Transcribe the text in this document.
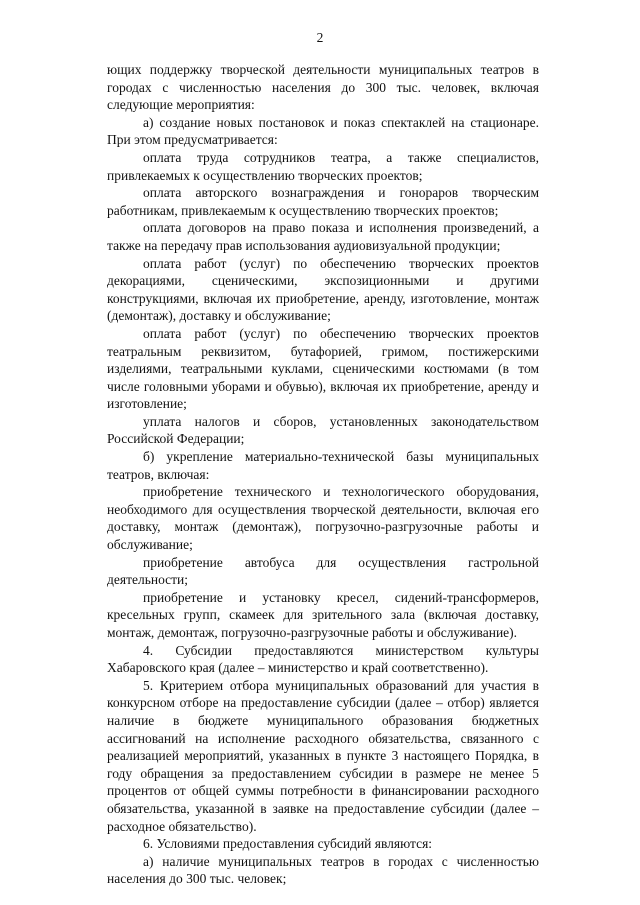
2

ющих поддержку творческой деятельности муниципальных театров в городах с численностью населения до 300 тыс. человек, включая следующие мероприятия:

а) создание новых постановок и показ спектаклей на стационаре. При этом предусматривается:

оплата труда сотрудников театра, а также специалистов, привлекаемых к осуществлению творческих проектов;

оплата авторского вознаграждения и гонораров творческим работникам, привлекаемым к осуществлению творческих проектов;

оплата договоров на право показа и исполнения произведений, а также на передачу прав использования аудиовизуальной продукции;

оплата работ (услуг) по обеспечению творческих проектов декорациями, сценическими, экспозиционными и другими конструкциями, включая их приобретение, аренду, изготовление, монтаж (демонтаж), доставку и обслуживание;

оплата работ (услуг) по обеспечению творческих проектов театральным реквизитом, бутафорией, гримом, постижерскими изделиями, театральными куклами, сценическими костюмами (в том числе головными уборами и обувью), включая их приобретение, аренду и изготовление;

уплата налогов и сборов, установленных законодательством Российской Федерации;

б) укрепление материально-технической базы муниципальных театров, включая:

приобретение технического и технологического оборудования, необходимого для осуществления творческой деятельности, включая его доставку, монтаж (демонтаж), погрузочно-разгрузочные работы и обслуживание;

приобретение автобуса для осуществления гастрольной деятельности;

приобретение и установку кресел, сидений-трансформеров, кресельных групп, скамеек для зрительного зала (включая доставку, монтаж, демонтаж, погрузочно-разгрузочные работы и обслуживание).

4. Субсидии предоставляются министерством культуры Хабаровского края (далее – министерство и край соответственно).

5. Критерием отбора муниципальных образований для участия в конкурсном отборе на предоставление субсидии (далее – отбор) является наличие в бюджете муниципального образования бюджетных ассигнований на исполнение расходного обязательства, связанного с реализацией мероприятий, указанных в пункте 3 настоящего Порядка, в году обращения за предоставлением субсидии в размере не менее 5 процентов от общей суммы потребности в финансировании расходного обязательства, указанной в заявке на предоставление субсидии (далее – расходное обязательство).

6. Условиями предоставления субсидий являются:

а) наличие муниципальных театров в городах с численностью населения до 300 тыс. человек;
